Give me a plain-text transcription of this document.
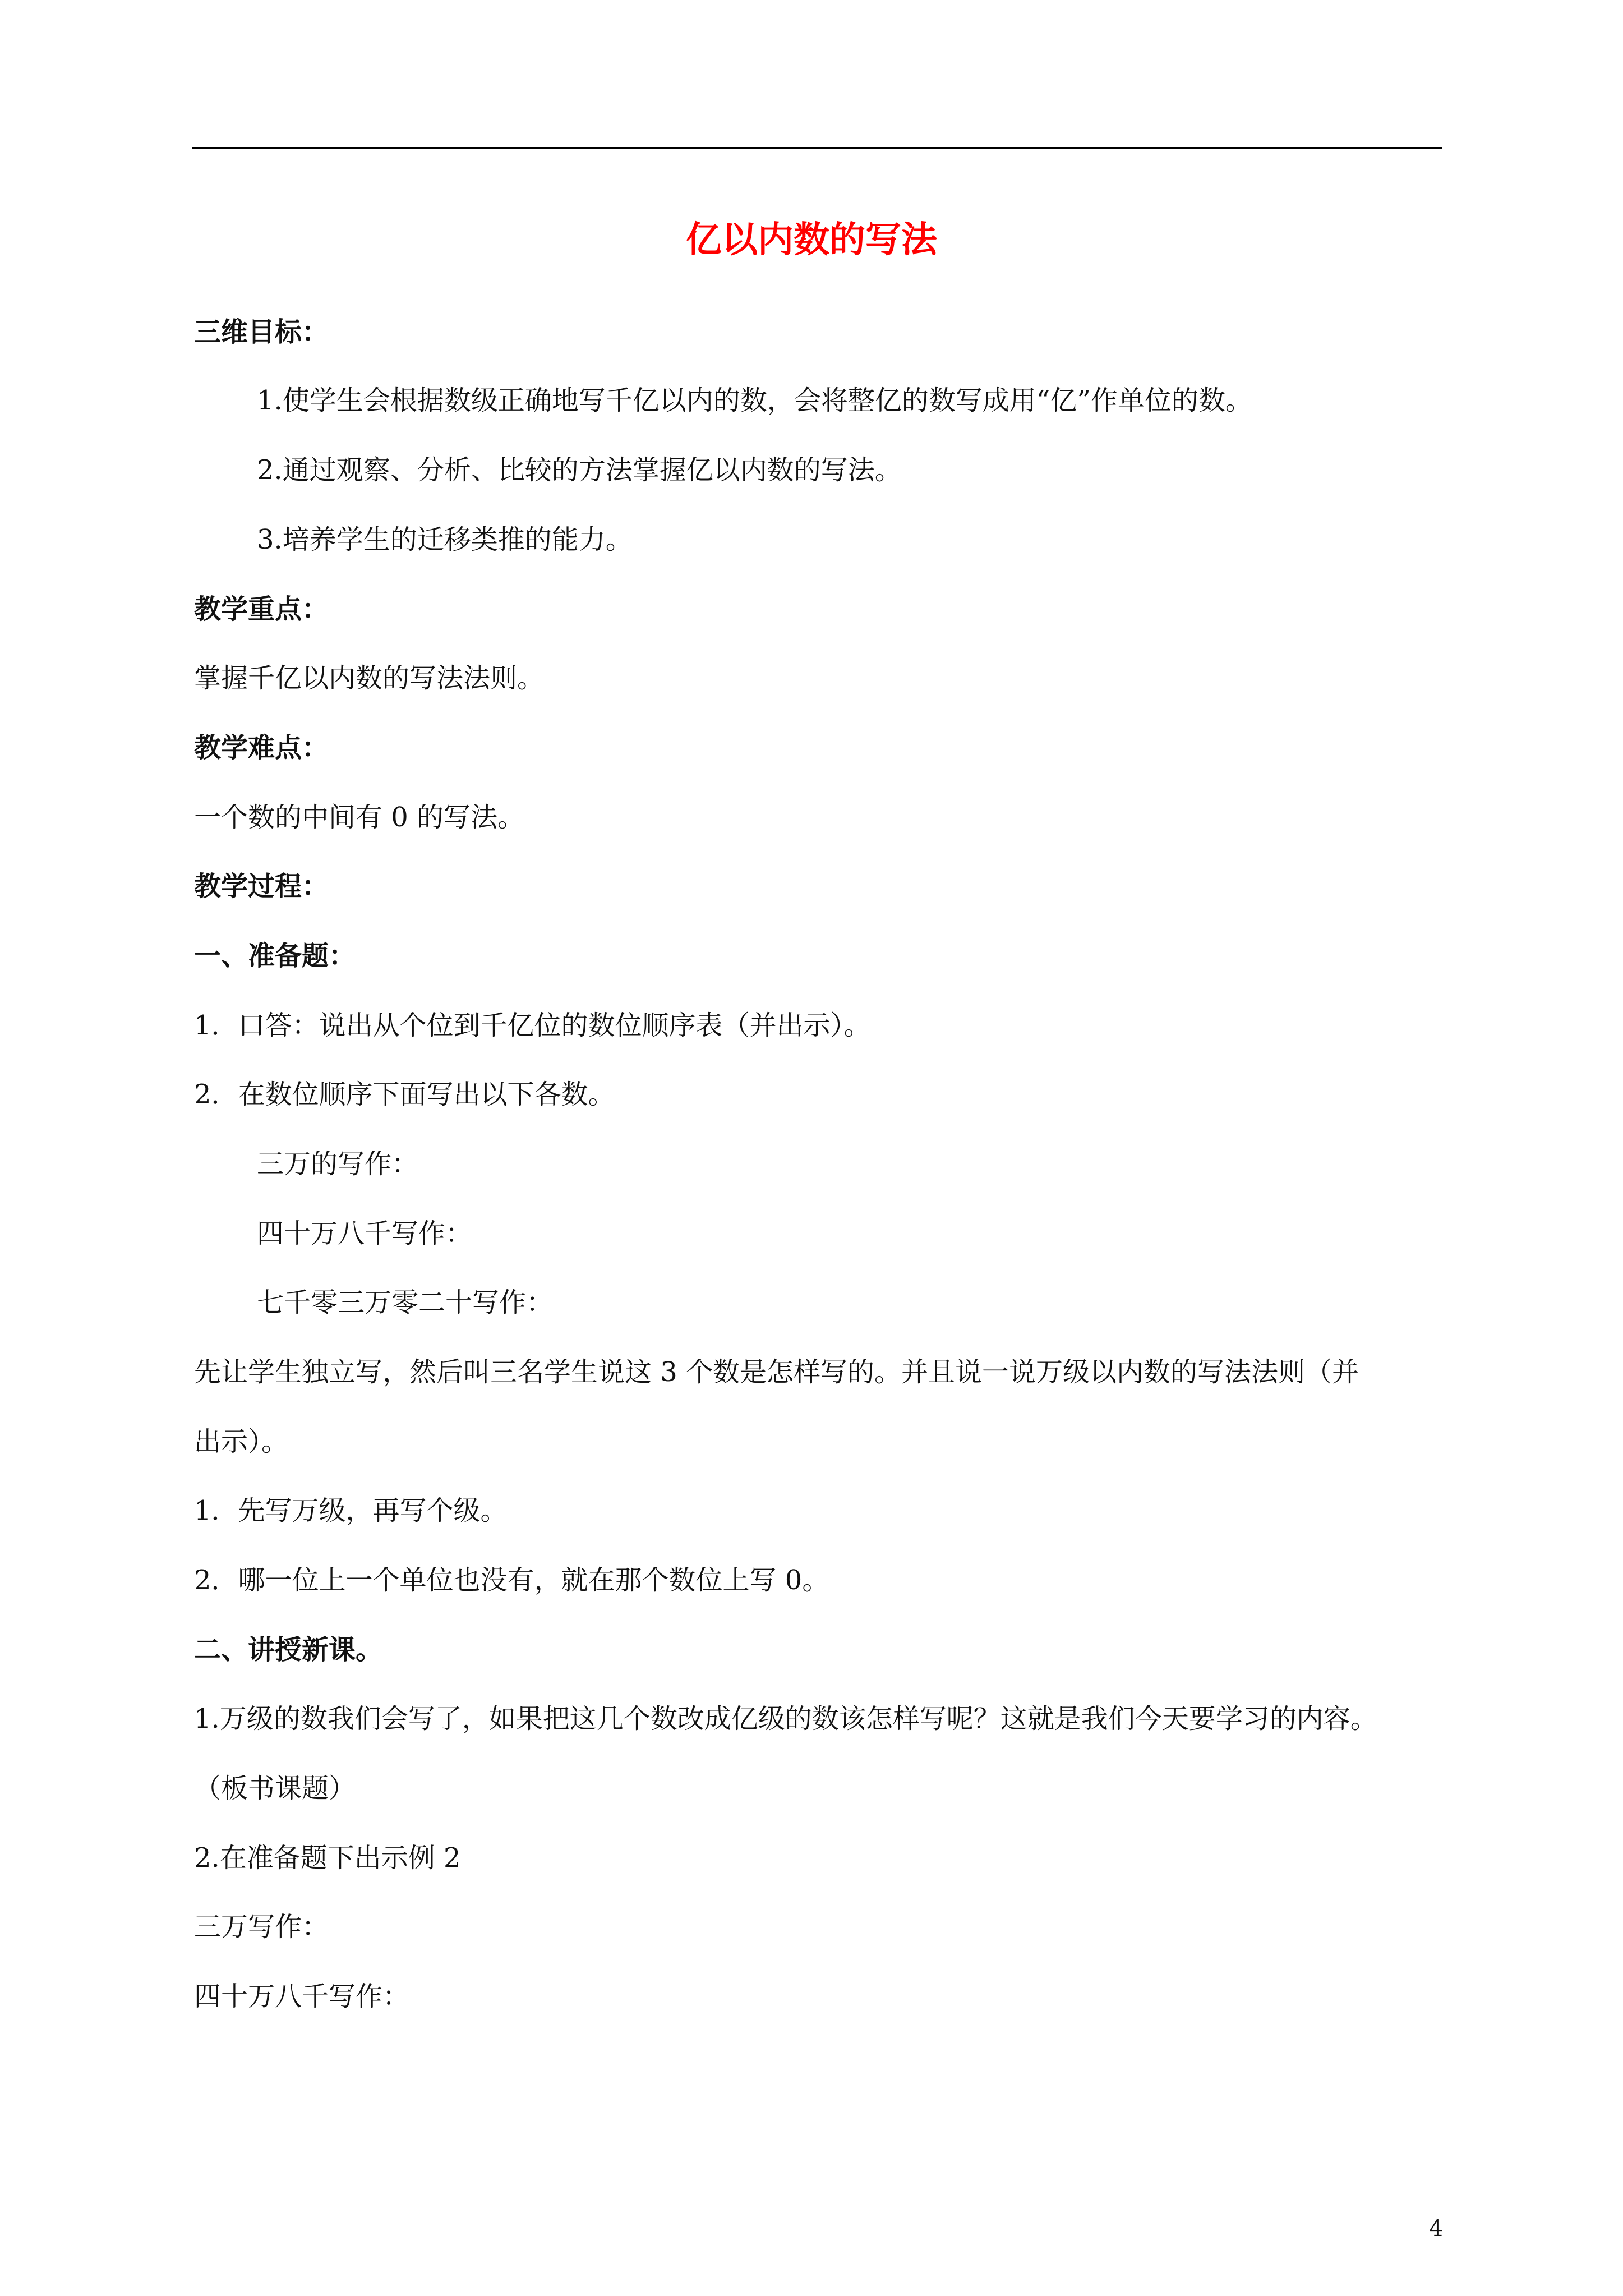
亿以内数的写法

三维目标：

1.使学生会根据数级正确地写千亿以内的数，会将整亿的数写成用“亿”作单位的数。

2.通过观察、分析、比较的方法掌握亿以内数的写法。

3.培养学生的迁移类推的能力。

教学重点：

掌握千亿以内数的写法法则。

教学难点：

一个数的中间有 0 的写法。

教学过程：

一、准备题：

1．口答：说出从个位到千亿位的数位顺序表（并出示）。

2．在数位顺序下面写出以下各数。

三万的写作：

四十万八千写作：

七千零三万零二十写作：

先让学生独立写，然后叫三名学生说这 3 个数是怎样写的。并且说一说万级以内数的写法法则（并

出示）。

1．先写万级，再写个级。

2．哪一位上一个单位也没有，就在那个数位上写 0。

二、讲授新课。

1.万级的数我们会写了，如果把这几个数改成亿级的数该怎样写呢？这就是我们今天要学习的内容。

（板书课题）

2.在准备题下出示例 2

三万写作：

四十万八千写作：

4
